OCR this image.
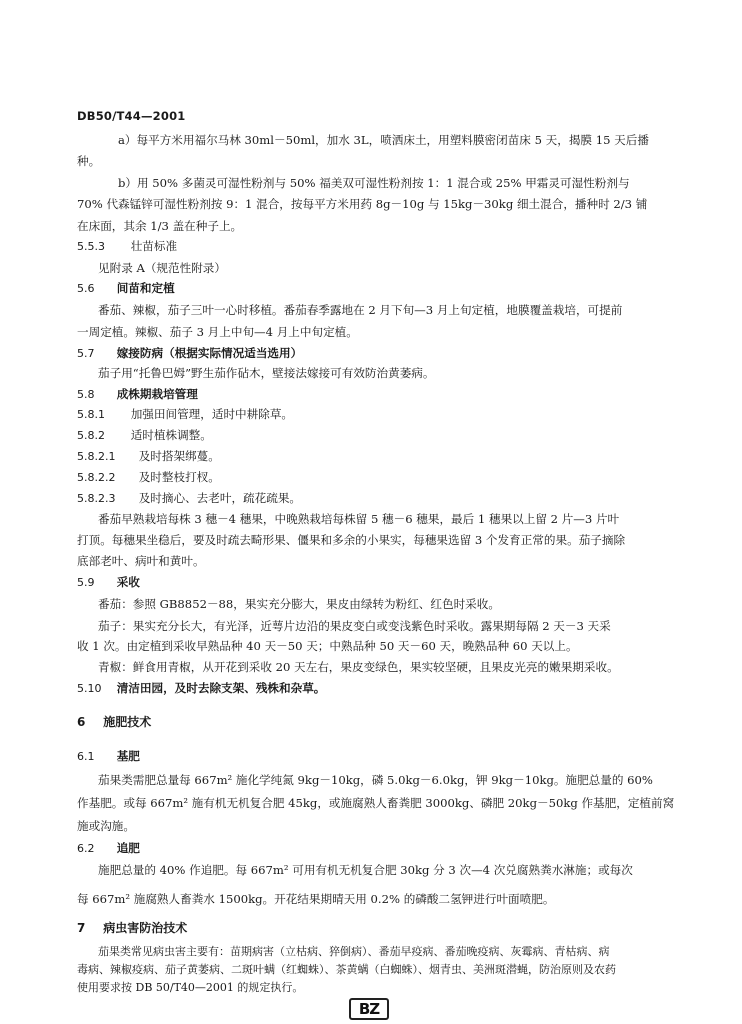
DB50/T44—2001
a）每平方米用福尔马林 30ml－50ml，加水 3L，喷洒床土，用塑料膜密闭苗床 5 天，揭膜 15 天后播
种。
b）用 50% 多菌灵可湿性粉剂与 50% 福美双可湿性粉剂按 1：1 混合或 25% 甲霜灵可湿性粉剂与
70% 代森锰锌可湿性粉剂按 9：1 混合，按每平方米用药 8g－10g 与 15kg－30kg 细土混合，播种时 2/3 铺
在床面，其余 1/3 盖在种子上。
5.5.3 壮苗标准
见附录 A（规范性附录）
5.6 间苗和定植
番茄、辣椒，茄子三叶一心时移植。番茄春季露地在 2 月下旬—3 月上旬定植，地膜覆盖栽培，可提前
一周定植。辣椒、茄子 3 月上中旬—4 月上中旬定植。
5.7 嫁接防病（根据实际情况适当选用）
茄子用“托鲁巴姆”野生茄作砧木，壁接法嫁接可有效防治黄萎病。
5.8 成株期栽培管理
5.8.1 加强田间管理，适时中耕除草。
5.8.2 适时植株调整。
5.8.2.1 及时搭架绑蔓。
5.8.2.2 及时整枝打杈。
5.8.2.3 及时摘心、去老叶，疏花疏果。
番茄早熟栽培每株 3 穗－4 穗果，中晚熟栽培每株留 5 穗－6 穗果，最后 1 穗果以上留 2 片—3 片叶
打顶。每穗果坐稳后，要及时疏去畸形果、僵果和多余的小果实，每穗果选留 3 个发育正常的果。茄子摘除
底部老叶、病叶和黄叶。
5.9 采收
番茄：参照 GB8852－88，果实充分膨大，果皮由绿转为粉红、红色时采收。
茄子：果实充分长大，有光泽，近萼片边沿的果皮变白或变浅紫色时采收。露果期每隔 2 天－3 天采
收 1 次。由定植到采收早熟品种 40 天－50 天；中熟品种 50 天－60 天，晚熟品种 60 天以上。
青椒：鲜食用青椒，从开花到采收 20 天左右，果皮变绿色，果实较坚硬，且果皮光亮的嫩果期采收。
5.10 清洁田园，及时去除支架、残株和杂草。
6 施肥技术
6.1 基肥
茄果类需肥总量每 667m² 施化学纯氮 9kg－10kg，磷 5.0kg－6.0kg，钾 9kg－10kg。施肥总量的 60%
作基肥。或每 667m² 施有机无机复合肥 45kg，或施腐熟人畜粪肥 3000kg、磷肥 20kg－50kg 作基肥，定植前窝
施或沟施。
6.2 追肥
施肥总量的 40% 作追肥。每 667m² 可用有机无机复合肥 30kg 分 3 次—4 次兑腐熟粪水淋施；或每次
每 667m² 施腐熟人畜粪水 1500kg。开花结果期晴天用 0.2% 的磷酸二氢钾进行叶面喷肥。
7 病虫害防治技术
茄果类常见病虫害主要有：苗期病害（立枯病、猝倒病）、番茄早疫病、番茄晚疫病、灰霉病、青枯病、病
BZ
毒病、辣椒疫病、茄子黄萎病、二斑叶螨（红蜘蛛）、茶黄螨（白蜘蛛）、烟青虫、美洲斑潜蝇，防治原则及农药
使用要求按 DB 50/T40—2001 的规定执行。
